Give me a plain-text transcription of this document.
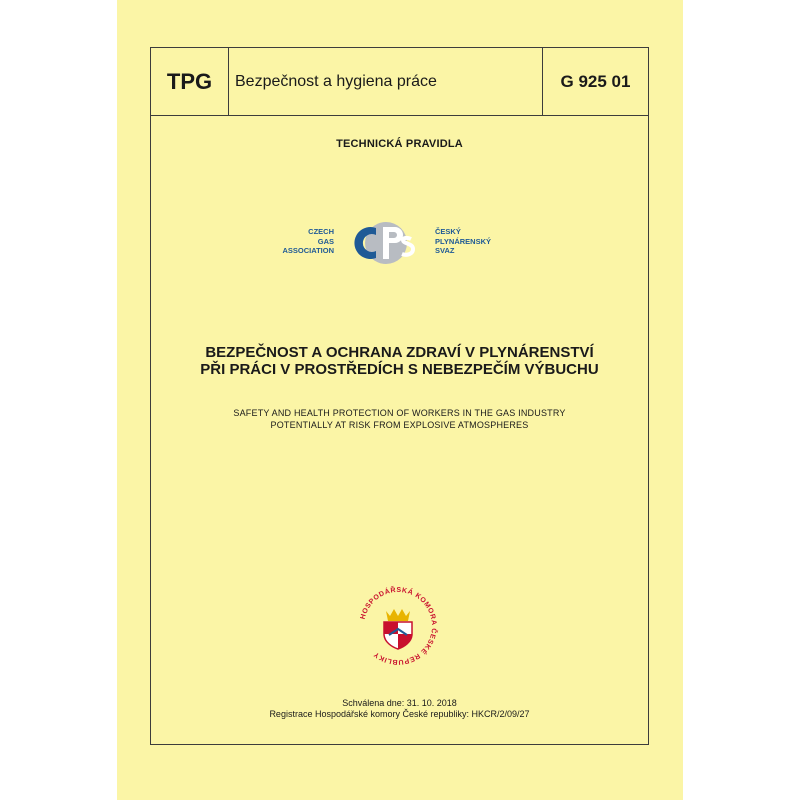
TPG	Bezpečnost a hygiena práce	G 925 01
TECHNICKÁ PRAVIDLA
CZECH
GAS
ASSOCIATION
ČESKÝ
PLYNÁRENSKÝ
SVAZ
BEZPEČNOST A OCHRANA ZDRAVÍ V PLYNÁRENSTVÍ
PŘI PRÁCI V PROSTŘEDÍCH S NEBEZPEČÍM VÝBUCHU
SAFETY AND HEALTH PROTECTION OF WORKERS IN THE GAS INDUSTRY
POTENTIALLY AT RISK FROM EXPLOSIVE ATMOSPHERES
HOSPODÁŘSKÁ KOMORA ČESKÉ REPUBLIKY
Schválena dne: 31. 10. 2018
Registrace Hospodářské komory České republiky: HKCR/2/09/27
